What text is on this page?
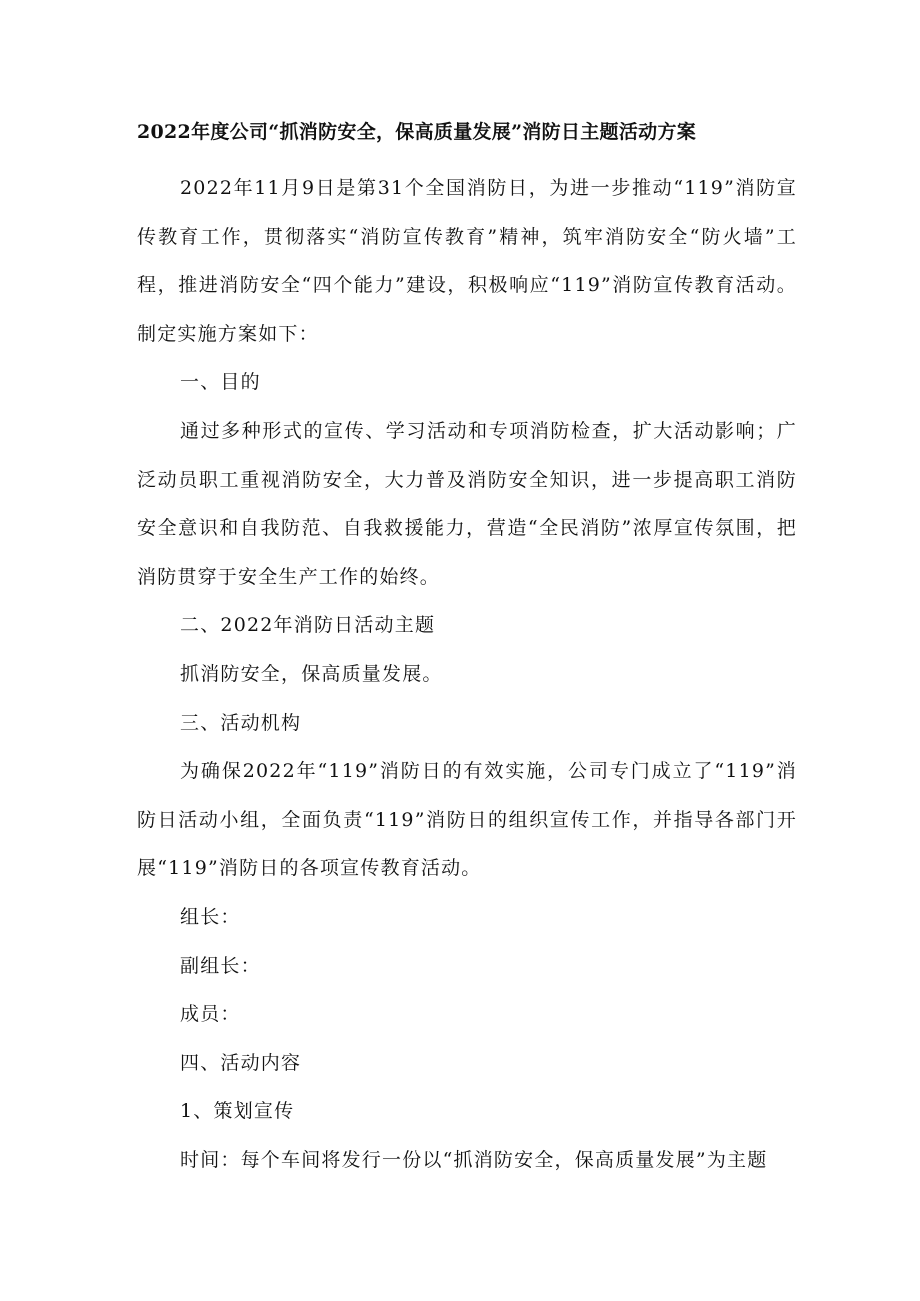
2022年度公司“抓消防安全，保高质量发展”消防日主题活动方案

2022年11月9日是第31个全国消防日，为进一步推动“119”消防宣传教育工作，贯彻落实“消防宣传教育”精神，筑牢消防安全“防火墙”工程，推进消防安全“四个能力”建设，积极响应“119”消防宣传教育活动。制定实施方案如下：

一、目的

通过多种形式的宣传、学习活动和专项消防检查，扩大活动影响；广泛动员职工重视消防安全，大力普及消防安全知识，进一步提高职工消防安全意识和自我防范、自我救援能力，营造“全民消防”浓厚宣传氛围，把消防贯穿于安全生产工作的始终。

二、2022年消防日活动主题

抓消防安全，保高质量发展。

三、活动机构

为确保2022年“119”消防日的有效实施，公司专门成立了“119”消防日活动小组，全面负责“119”消防日的组织宣传工作，并指导各部门开展“119”消防日的各项宣传教育活动。

组长：

副组长：

成员：

四、活动内容

1、策划宣传

时间：每个车间将发行一份以“抓消防安全，保高质量发展”为主题
